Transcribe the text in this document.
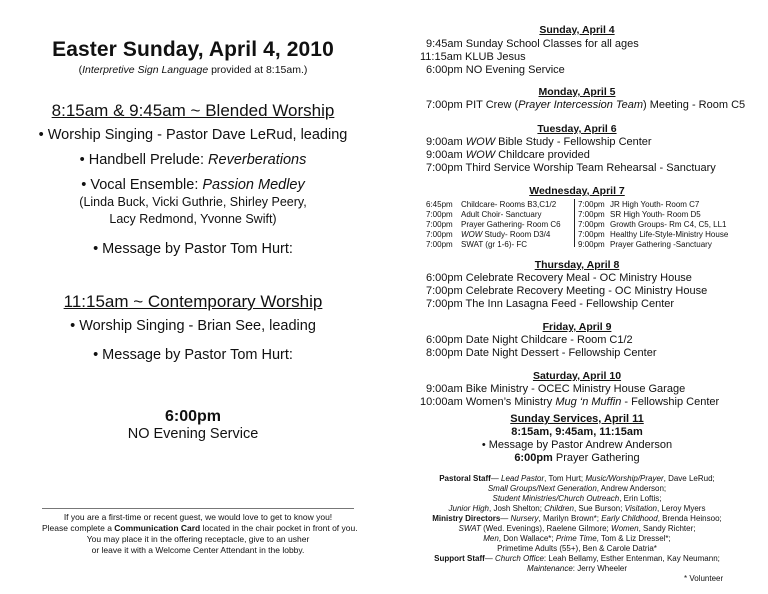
Easter Sunday, April 4, 2010
(Interpretive Sign Language provided at 8:15am.)
8:15am & 9:45am ~ Blended Worship
• Worship Singing - Pastor Dave LeRud, leading
• Handbell Prelude: Reverberations
• Vocal Ensemble: Passion Medley
(Linda Buck, Vicki Guthrie, Shirley Peery,
Lacy Redmond, Yvonne Swift)
• Message by Pastor Tom Hurt:
11:15am ~ Contemporary Worship
• Worship Singing - Brian See, leading
• Message by Pastor Tom Hurt:
6:00pm
NO Evening Service
If you are a first-time or recent guest, we would love to get to know you!
Please complete a Communication Card located in the chair pocket in front of you.
You may place it in the offering receptacle, give to an usher
or leave it with a Welcome Center Attendant in the lobby.
Sunday, April 4
9:45am Sunday School Classes for all ages
11:15am KLUB Jesus
6:00pm NO Evening Service
Monday, April 5
7:00pm PIT Crew (Prayer Intercession Team) Meeting - Room C5
Tuesday, April 6
9:00am WOW Bible Study - Fellowship Center
9:00am WOW Childcare provided
7:00pm Third Service Worship Team Rehearsal - Sanctuary
Wednesday, April 7
6:45pm Childcare- Rooms B3,C1/2
7:00pm Adult Choir- Sanctuary
7:00pm Prayer Gathering- Room C6
7:00pm WOW Study- Room D3/4
7:00pm SWAT (gr 1-6)- FC
7:00pm JR High Youth- Room C7
7:00pm SR High Youth- Room D5
7:00pm Growth Groups- Rm C4, C5, LL1
7:00pm Healthy Life-Style-Ministry House
9:00pm Prayer Gathering -Sanctuary
Thursday, April 8
6:00pm Celebrate Recovery Meal - OC Ministry House
7:00pm Celebrate Recovery Meeting - OC Ministry House
7:00pm The Inn Lasagna Feed - Fellowship Center
Friday, April 9
6:00pm Date Night Childcare - Room C1/2
8:00pm Date Night Dessert - Fellowship Center
Saturday, April 10
9:00am Bike Ministry - OCEC Ministry House Garage
10:00am Women’s Ministry Mug ‘n Muffin - Fellowship Center
Sunday Services, April 11
8:15am, 9:45am, 11:15am
• Message by Pastor Andrew Anderson
6:00pm Prayer Gathering
Pastoral Staff— Lead Pastor, Tom Hurt; Music/Worship/Prayer, Dave LeRud;
Small Groups/Next Generation, Andrew Anderson;
Student Ministries/Church Outreach, Erin Loftis;
Junior High, Josh Shelton; Children, Sue Burson; Visitation, Leroy Myers
Ministry Directors— Nursery, Marilyn Brown*; Early Childhood, Brenda Heinsoo;
SWAT (Wed. Evenings), Raelene Gilmore; Women, Sandy Richter;
Men, Don Wallace*; Prime Time, Tom & Liz Dressel*;
Primetime Adults (55+), Ben & Carole Datria*
Support Staff— Church Office: Leah Bellamy, Esther Entenman, Kay Neumann;
Maintenance: Jerry Wheeler
* Volunteer
